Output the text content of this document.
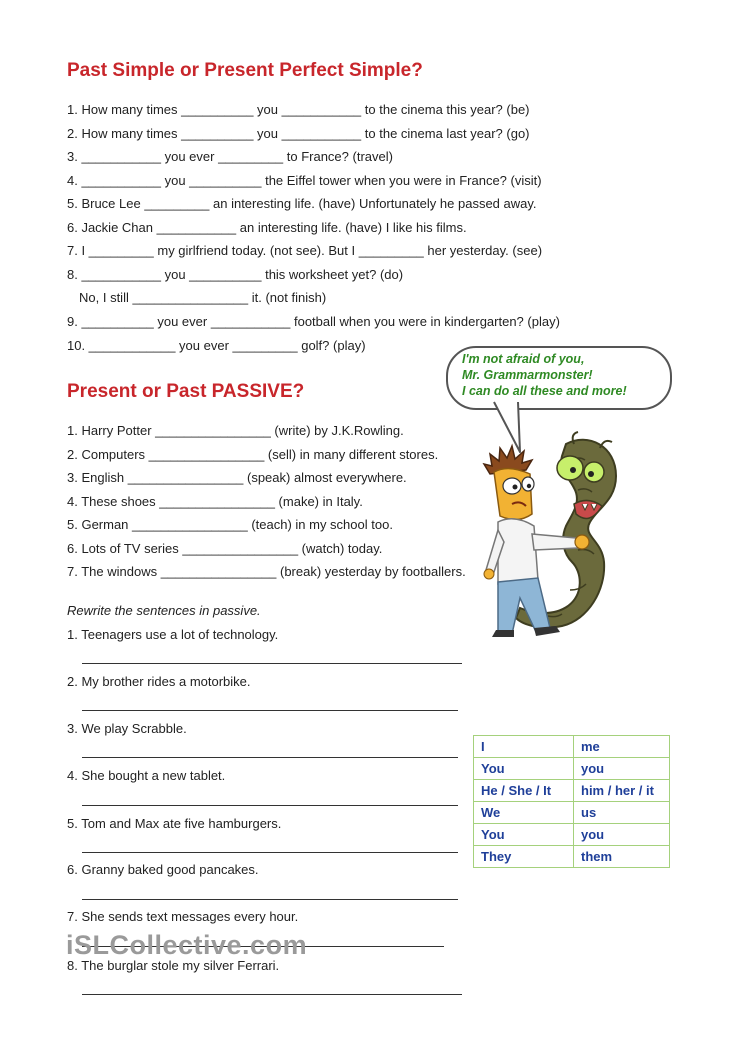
Past Simple or Present Perfect Simple?
1. How many times __________ you ___________ to the cinema this year? (be)
2. How many times __________ you ___________ to the cinema last year? (go)
3. ___________ you ever _________ to France? (travel)
4. ___________ you __________ the Eiffel tower when you were in France? (visit)
5. Bruce Lee _________ an interesting life. (have) Unfortunately he passed away.
6. Jackie Chan ___________ an interesting life. (have) I like his films.
7. I _________ my girlfriend today. (not see). But I _________ her yesterday. (see)
8. ___________ you __________ this worksheet yet? (do)
No, I still ________________ it. (not finish)
9. __________ you ever ___________ football when you were in kindergarten? (play)
10. ____________ you ever _________ golf? (play)
Present or Past PASSIVE?
1. Harry Potter ________________ (write) by J.K.Rowling.
2. Computers ________________ (sell) in many different stores.
3. English ________________ (speak) almost everywhere.
4. These shoes ________________ (make) in Italy.
5. German ________________ (teach) in my school too.
6. Lots of TV series ________________ (watch) today.
7. The windows ________________ (break) yesterday by footballers.
Rewrite the sentences in passive.
1. Teenagers use a lot of technology.
2. My brother rides a motorbike.
3. We play Scrabble.
4. She bought a new tablet.
5. Tom and Max ate five hamburgers.
6. Granny baked good pancakes.
7. She sends text messages every hour.
iSLCollective.com
8. The burglar stole my silver Ferrari.
I'm not afraid of you,
Mr. Grammarmonster!
I can do all these and more!
I	me
You	you
He / She / It	him / her / it
We	us
You	you
They	them
